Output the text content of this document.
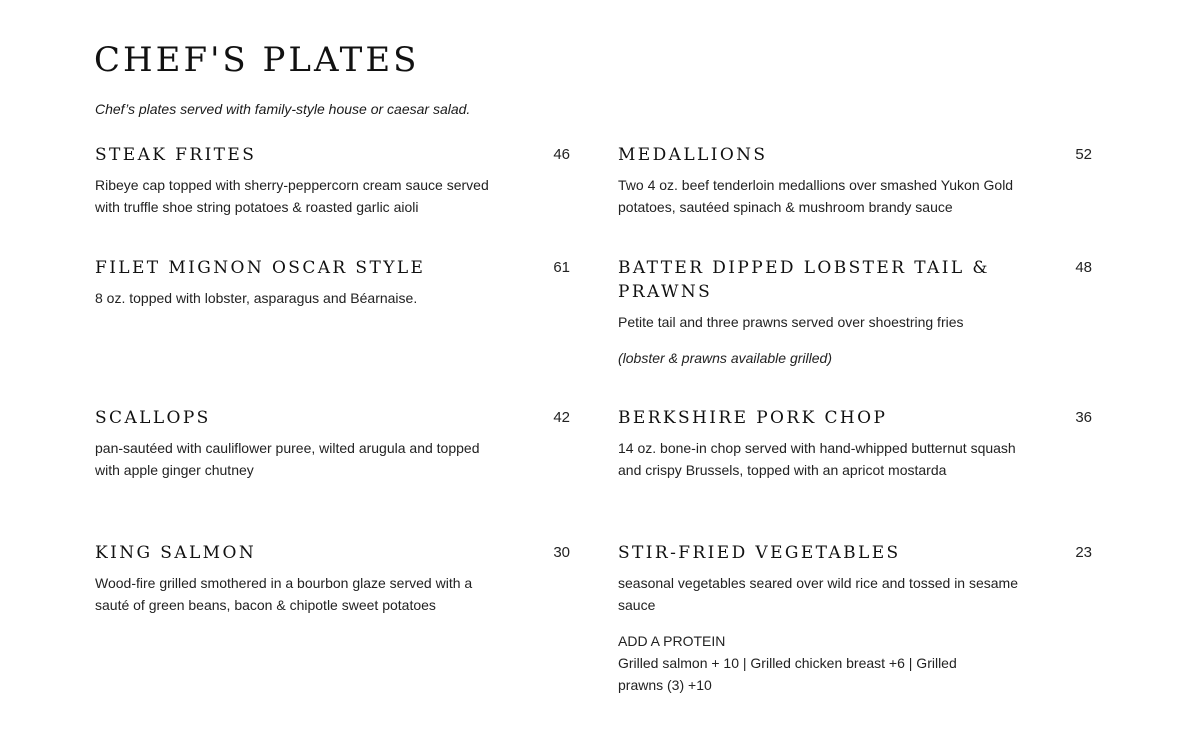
CHEF'S PLATES

Chef’s plates served with family-style house or caesar salad.

STEAK FRITES	46
Ribeye cap topped with sherry-peppercorn cream sauce served with truffle shoe string potatoes & roasted garlic aioli
MEDALLIONS	52
Two 4 oz. beef tenderloin medallions over smashed Yukon Gold potatoes, sautéed spinach & mushroom brandy sauce
FILET MIGNON OSCAR STYLE	61
8 oz. topped with lobster, asparagus and Béarnaise.
BATTER DIPPED LOBSTER TAIL & PRAWNS
48
Petite tail and three prawns served over shoestring fries
(lobster & prawns available grilled)
SCALLOPS	42
pan-sautéed with cauliflower puree, wilted arugula and topped with apple ginger chutney
BERKSHIRE PORK CHOP	36
14 oz. bone-in chop served with hand-whipped butternut squash and crispy Brussels, topped with an apricot mostarda
KING SALMON	30
Wood-fire grilled smothered in a bourbon glaze served with a sauté of green beans, bacon & chipotle sweet potatoes
STIR-FRIED VEGETABLES	23
seasonal vegetables seared over wild rice and tossed in sesame sauce
ADD A PROTEIN
Grilled salmon + 10 | Grilled chicken breast +6 | Grilled prawns (3) +10
